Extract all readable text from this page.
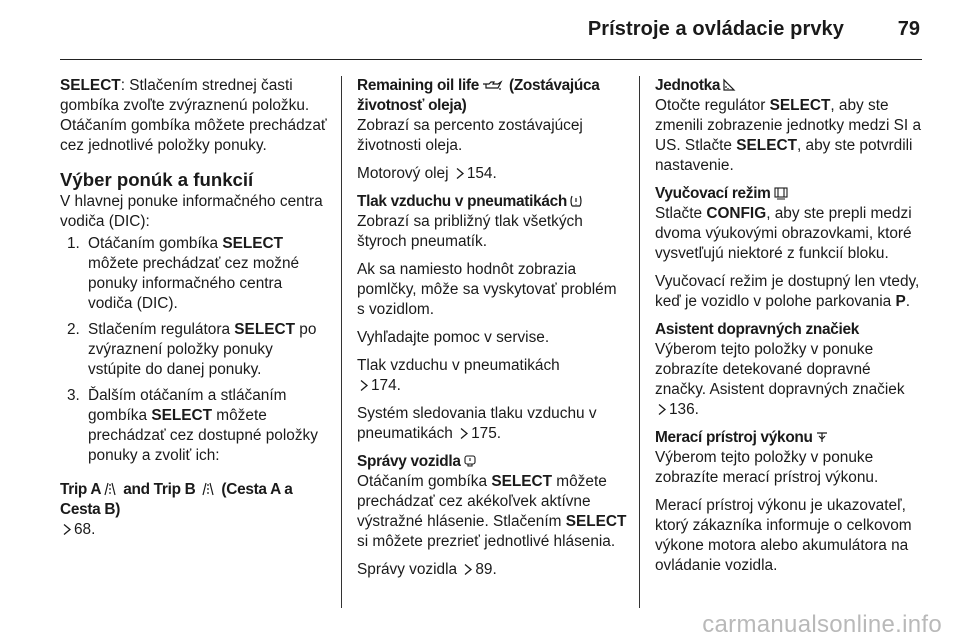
Prístroje a ovládacie prvky	79

SELECT: Stlačením strednej časti gombíka zvoľte zvýraznenú položku. Otáčaním gombíka môžete prechádzať cez jednotlivé položky ponuky.

Výber ponúk a funkcií

V hlavnej ponuke informačného centra vodiča (DIC):

1. Otáčaním gombíka SELECT môžete prechádzať cez možné ponuky informačného centra vodiča (DIC).
2. Stlačením regulátora SELECT po zvýraznení položky ponuky vstúpite do danej ponuky.
3. Ďalším otáčaním a stláčaním gombíka SELECT môžete prechádzať cez dostupné položky ponuky a zvoliť ich:

Trip A
and Trip B
(Cesta A a Cesta B)

68.

Remaining oil life
(Zostávajúca životnosť oleja)

Zobrazí sa percento zostávajúcej životnosti oleja.

Motorový olej
154.

Tlak vzduchu v pneumatikách

Zobrazí sa približný tlak všetkých štyroch pneumatík.

Ak sa namiesto hodnôt zobrazia pomlčky, môže sa vyskytovať problém s vozidlom.

Vyhľadajte pomoc v servise.

Tlak vzduchu v pneumatikách

174.

Systém sledovania tlaku vzduchu v pneumatikách
175.

Správy vozidla

Otáčaním gombíka SELECT môžete prechádzať cez akékoľvek aktívne výstražné hlásenie. Stlačením SELECT si môžete prezrieť jednotlivé hlásenia.

Správy vozidla
89.

Jednotka

Otočte regulátor SELECT, aby ste zmenili zobrazenie jednotky medzi SI a US. Stlačte SELECT, aby ste potvrdili nastavenie.

Vyučovací režim

Stlačte CONFIG, aby ste prepli medzi dvoma výukovými obrazovkami, ktoré vysvetľujú niektoré z funkcií bloku.

Vyučovací režim je dostupný len vtedy, keď je vozidlo v polohe parkovania P.

Asistent dopravných značiek

Výberom tejto položky v ponuke zobrazíte detekované dopravné značky. Asistent dopravných značiek

136.

Merací prístroj výkonu

Výberom tejto položky v ponuke zobrazíte merací prístroj výkonu.

Merací prístroj výkonu je ukazovateľ, ktorý zákazníka informuje o celkovom výkone motora alebo akumulátora na ovládanie vozidla.

carmanualsonline.info
